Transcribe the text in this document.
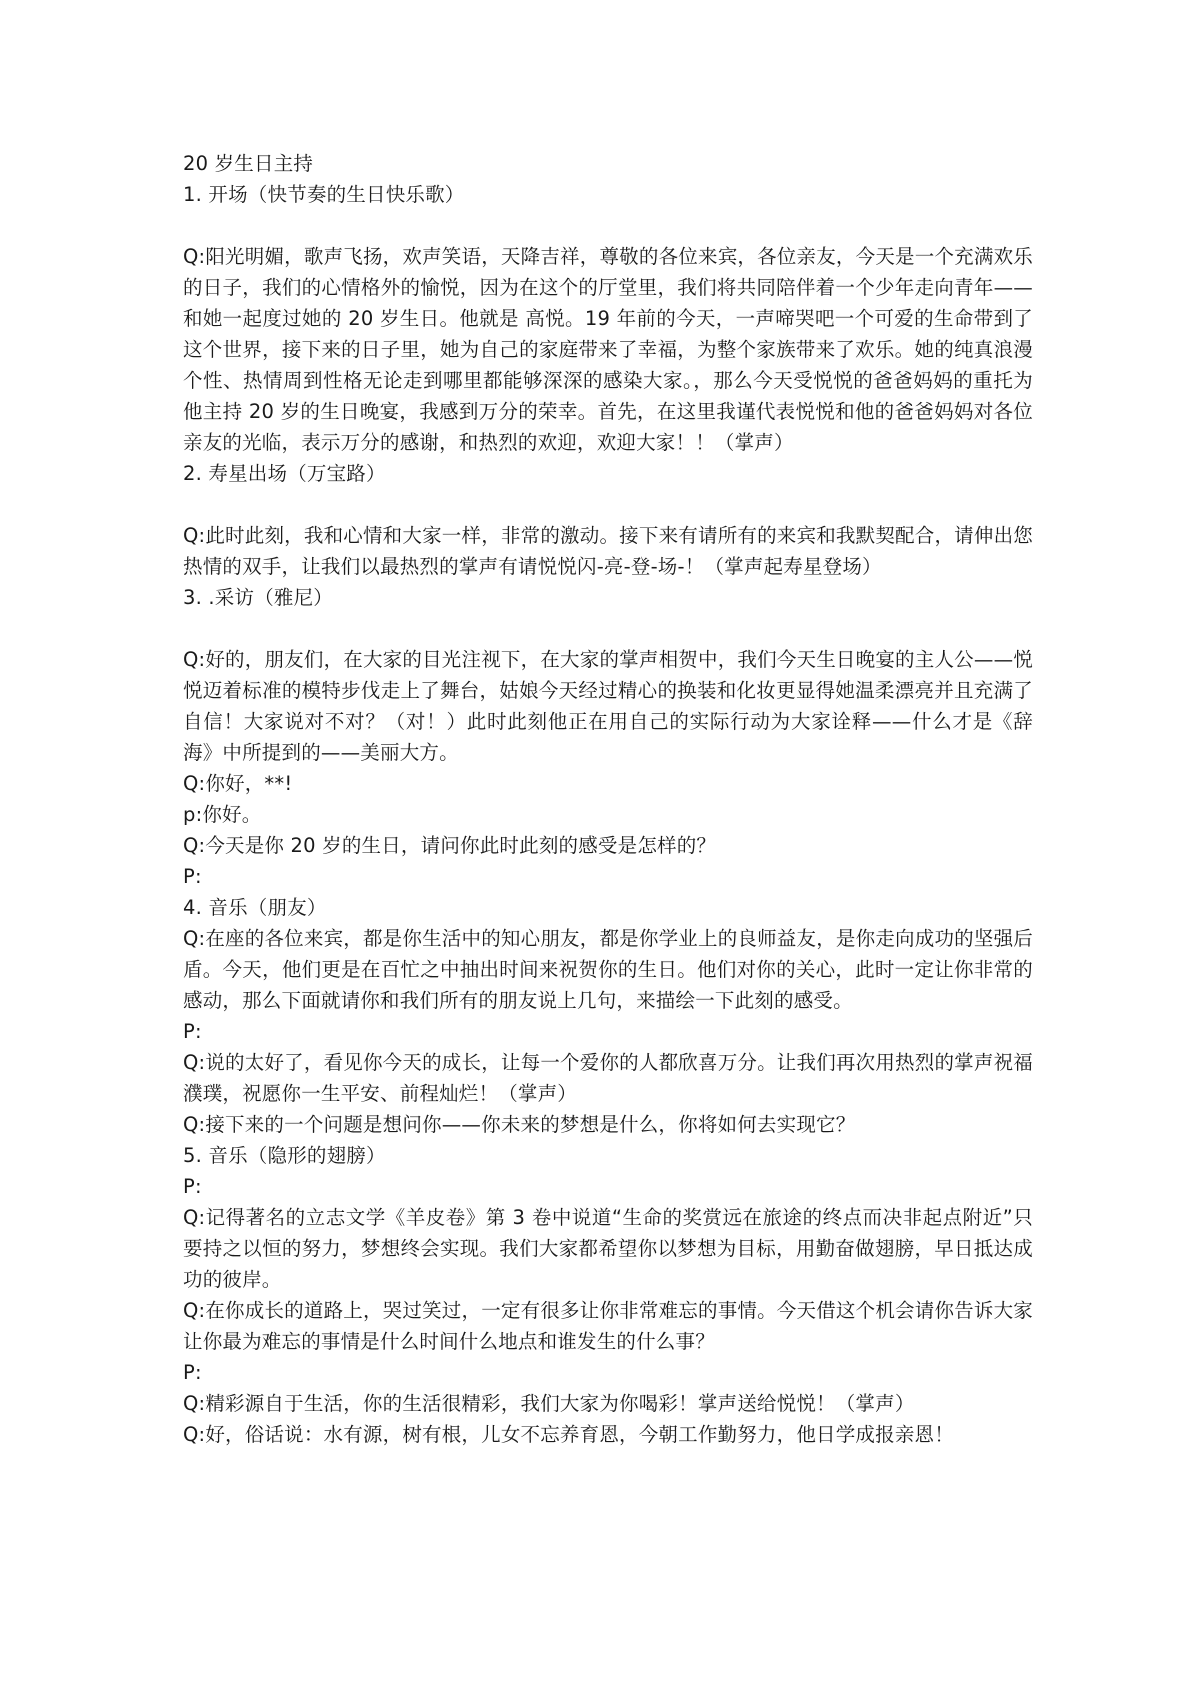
20 岁生日主持

1. 开场（快节奏的生日快乐歌）

Q:阳光明媚，歌声飞扬，欢声笑语，天降吉祥，尊敬的各位来宾，各位亲友，今天是一个充满欢乐的日子，我们的心情格外的愉悦，因为在这个的厅堂里，我们将共同陪伴着一个少年走向青年——和她一起度过她的 20 岁生日。他就是 高悦。19 年前的今天，一声啼哭吧一个可爱的生命带到了这个世界，接下来的日子里，她为自己的家庭带来了幸福，为整个家族带来了欢乐。她的纯真浪漫个性、热情周到性格无论走到哪里都能够深深的感染大家。，那么今天受悦悦的爸爸妈妈的重托为他主持 20 岁的生日晚宴，我感到万分的荣幸。首先，在这里我谨代表悦悦和他的爸爸妈妈对各位亲友的光临，表示万分的感谢，和热烈的欢迎，欢迎大家！！（掌声）

2. 寿星出场（万宝路）

Q:此时此刻，我和心情和大家一样，非常的激动。接下来有请所有的来宾和我默契配合，请伸出您热情的双手，让我们以最热烈的掌声有请悦悦闪-亮-登-场-！（掌声起寿星登场）

3. .采访（雅尼）

Q:好的，朋友们，在大家的目光注视下，在大家的掌声相贺中，我们今天生日晚宴的主人公——悦悦迈着标准的模特步伐走上了舞台，姑娘今天经过精心的换装和化妆更显得她温柔漂亮并且充满了自信！大家说对不对？（对！）此时此刻他正在用自己的实际行动为大家诠释——什么才是《辞海》中所提到的——美丽大方。

Q:你好，**!

p:你好。

Q:今天是你 20 岁的生日，请问你此时此刻的感受是怎样的？

P:

4. 音乐（朋友）

Q:在座的各位来宾，都是你生活中的知心朋友，都是你学业上的良师益友，是你走向成功的坚强后盾。今天，他们更是在百忙之中抽出时间来祝贺你的生日。他们对你的关心，此时一定让你非常的感动，那么下面就请你和我们所有的朋友说上几句，来描绘一下此刻的感受。

P:

Q:说的太好了，看见你今天的成长，让每一个爱你的人都欣喜万分。让我们再次用热烈的掌声祝福濮璞，祝愿你一生平安、前程灿烂！（掌声）

Q:接下来的一个问题是想问你——你未来的梦想是什么，你将如何去实现它？

5. 音乐（隐形的翅膀）

P:

Q:记得著名的立志文学《羊皮卷》第 3 卷中说道“生命的奖赏远在旅途的终点而决非起点附近”只要持之以恒的努力，梦想终会实现。我们大家都希望你以梦想为目标，用勤奋做翅膀，早日抵达成功的彼岸。

Q:在你成长的道路上，哭过笑过，一定有很多让你非常难忘的事情。今天借这个机会请你告诉大家让你最为难忘的事情是什么时间什么地点和谁发生的什么事？

P:

Q:精彩源自于生活，你的生活很精彩，我们大家为你喝彩！掌声送给悦悦！（掌声）

Q:好，俗话说：水有源，树有根，儿女不忘养育恩，今朝工作勤努力，他日学成报亲恩！
